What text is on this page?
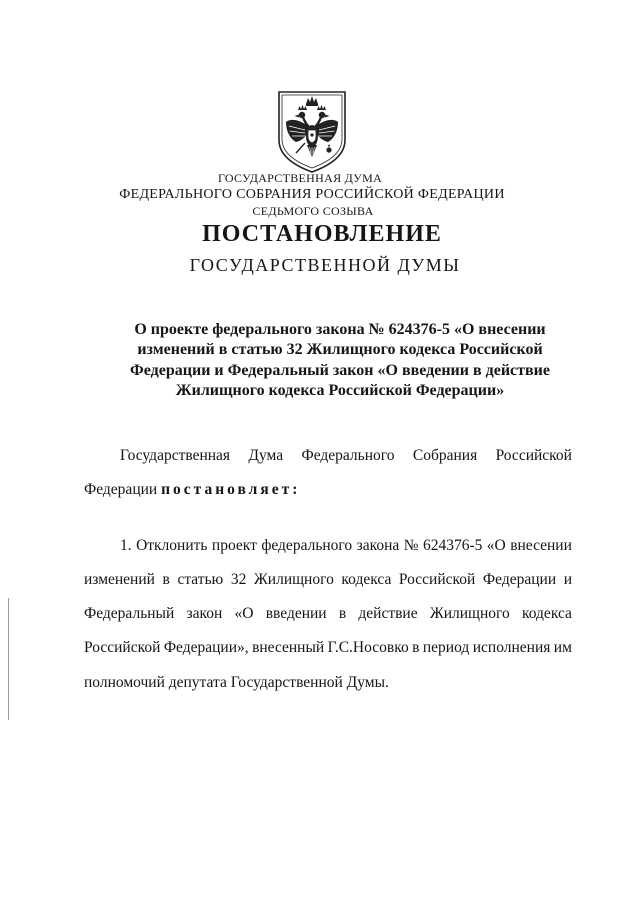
ГОСУДАРСТВЕННАЯ ДУМА
ФЕДЕРАЛЬНОГО СОБРАНИЯ РОССИЙСКОЙ ФЕДЕРАЦИИ
СЕДЬМОГО СОЗЫВА
ПОСТАНОВЛЕНИЕ
ГОСУДАРСТВЕННОЙ ДУМЫ
О проекте федерального закона № 624376-5 «О внесении
изменений в статью 32 Жилищного кодекса Российской
Федерации и Федеральный закон «О введении в действие
Жилищного кодекса Российской Федерации»
Государственная Дума Федерального Собрания Российской
Федерации постановляет:
1. Отклонить проект федерального закона № 624376-5 «О внесении
изменений в статью 32 Жилищного кодекса Российской Федерации и
Федеральный закон «О введении в действие Жилищного кодекса
Российской Федерации», внесенный Г.С.Носовко в период исполнения им
полномочий депутата Государственной Думы.
